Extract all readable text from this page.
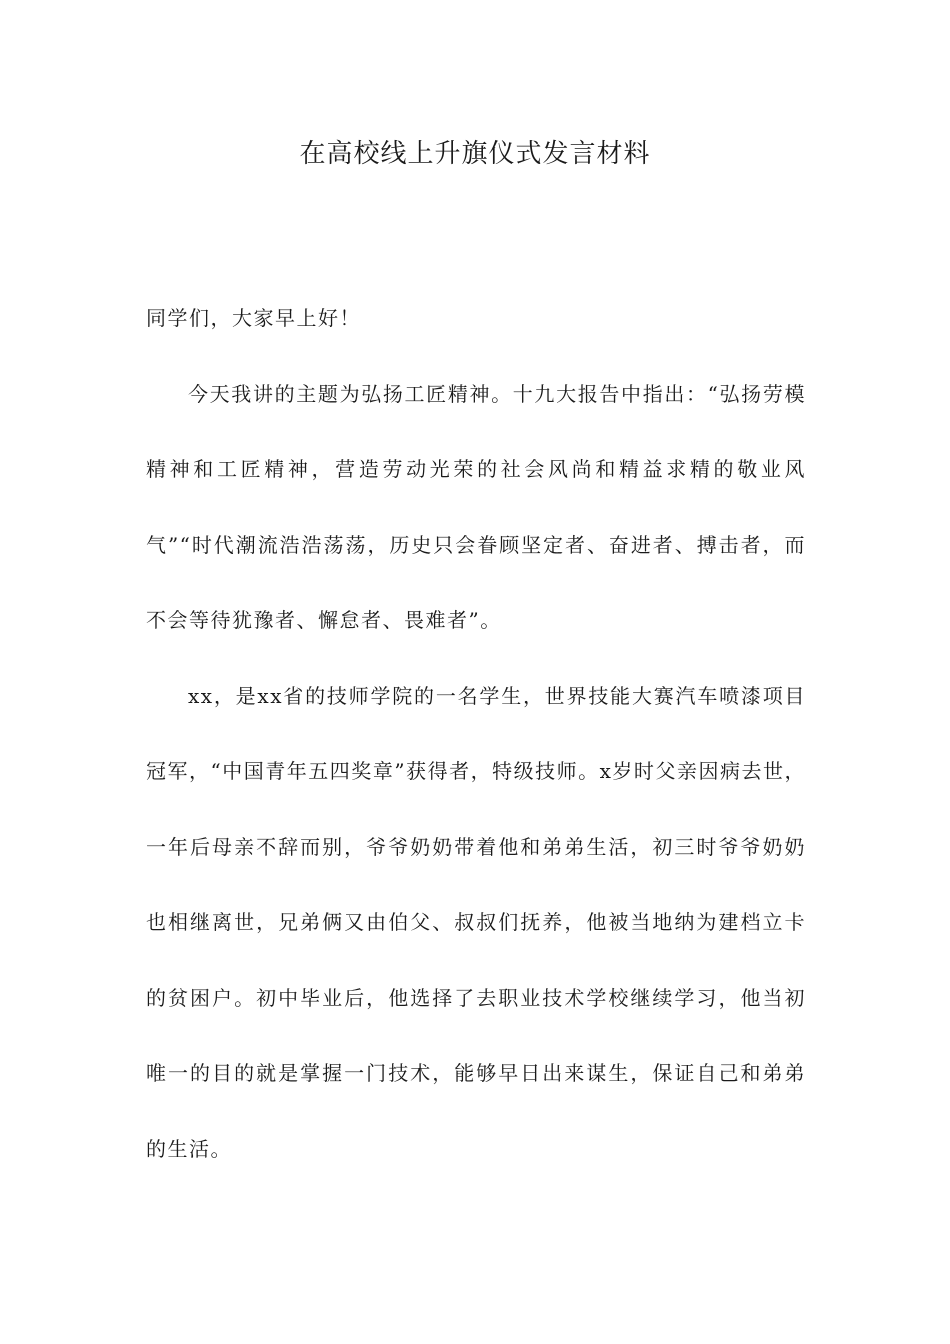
在高校线上升旗仪式发言材料

同学们，大家早上好！

今天我讲的主题为弘扬工匠精神。十九大报告中指出：“弘扬劳模精神和工匠精神，营造劳动光荣的社会风尚和精益求精的敬业风气”“时代潮流浩浩荡荡，历史只会眷顾坚定者、奋进者、搏击者，而不会等待犹豫者、懈怠者、畏难者”。

xx，是xx省的技师学院的一名学生，世界技能大赛汽车喷漆项目冠军，“中国青年五四奖章”获得者，特级技师。x岁时父亲因病去世，一年后母亲不辞而别，爷爷奶奶带着他和弟弟生活，初三时爷爷奶奶也相继离世，兄弟俩又由伯父、叔叔们抚养，他被当地纳为建档立卡的贫困户。初中毕业后，他选择了去职业技术学校继续学习，他当初唯一的目的就是掌握一门技术，能够早日出来谋生，保证自己和弟弟的生活。
